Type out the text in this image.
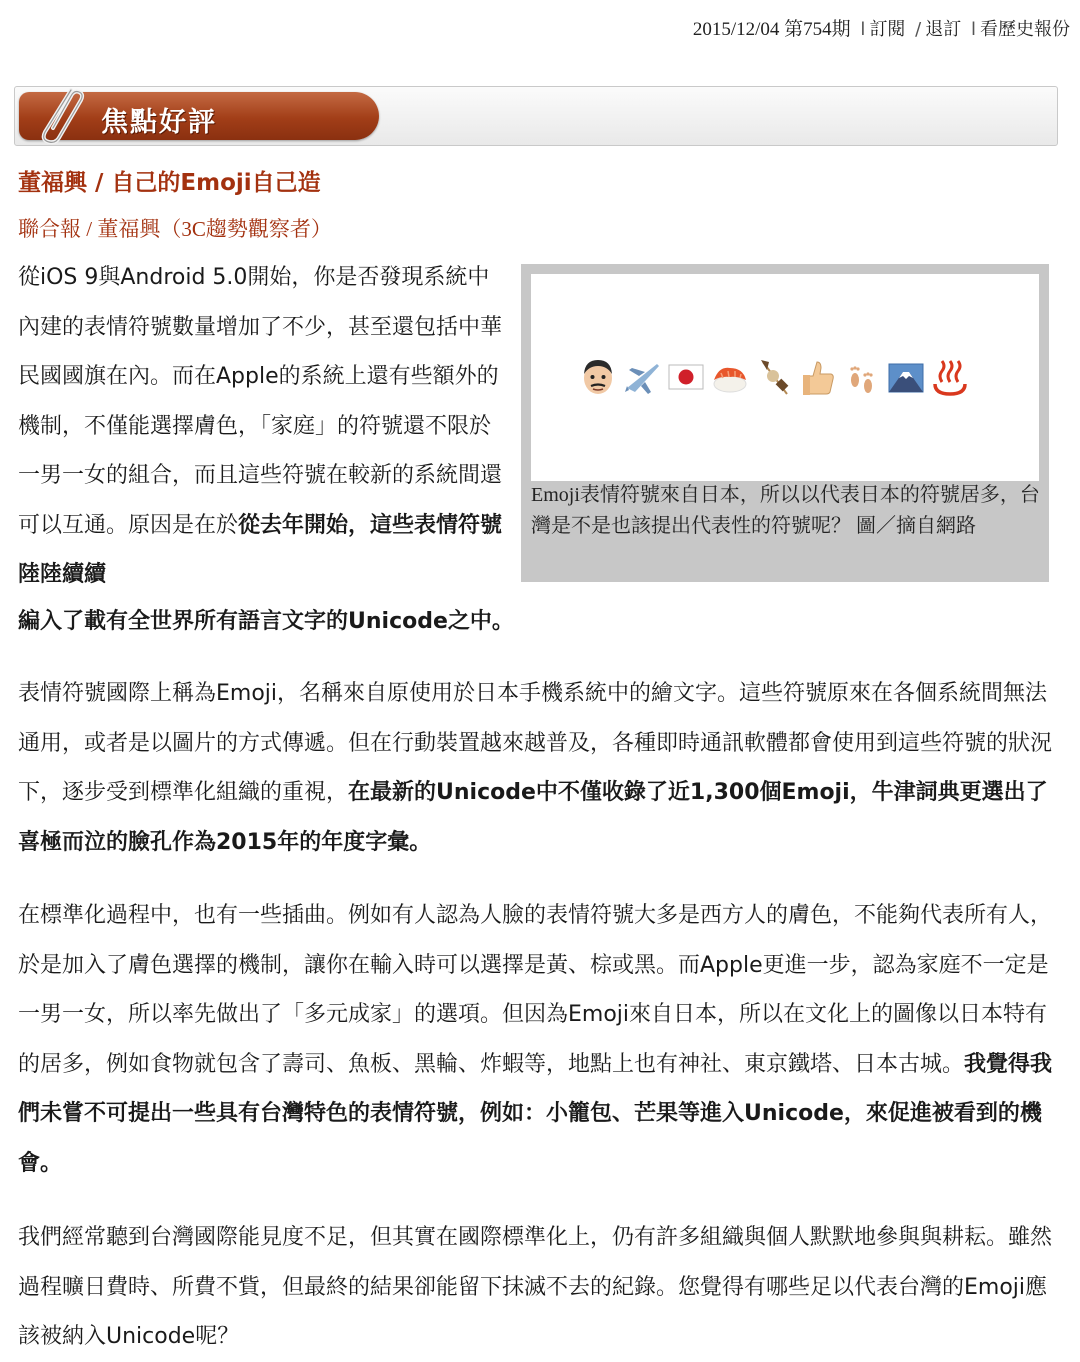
2015/12/04 第754期 l 訂閱 / 退訂 l 看歷史報份
焦點好評
董福興 / 自己的Emoji自己造
聯合報 / 董福興（3C趨勢觀察者）

從iOS 9與Android 5.0開始，你是否發現系統中內建的表情符號數量增加了不少，甚至還包括中華民國國旗在內。而在Apple的系統上還有些額外的機制，不僅能選擇膚色，「家庭」的符號還不限於一男一女的組合，而且這些符號在較新的系統間還可以互通。原因是在於從去年開始，這些表情符號陸陸續續

Emoji表情符號來自日本，所以以代表日本的符號居多，台灣是不是也該提出代表性的符號呢？ 圖／摘自網路

編入了載有全世界所有語言文字的Unicode之中。

表情符號國際上稱為Emoji，名稱來自原使用於日本手機系統中的繪文字。這些符號原來在各個系統間無法通用，或者是以圖片的方式傳遞。但在行動裝置越來越普及，各種即時通訊軟體都會使用到這些符號的狀況下，逐步受到標準化組織的重視，在最新的Unicode中不僅收錄了近1,300個Emoji，牛津詞典更選出了喜極而泣的臉孔作為2015年的年度字彙。

在標準化過程中，也有一些插曲。例如有人認為人臉的表情符號大多是西方人的膚色，不能夠代表所有人，於是加入了膚色選擇的機制，讓你在輸入時可以選擇是黃、棕或黑。而Apple更進一步，認為家庭不一定是一男一女，所以率先做出了「多元成家」的選項。但因為Emoji來自日本，所以在文化上的圖像以日本特有的居多，例如食物就包含了壽司、魚板、黑輪、炸蝦等，地點上也有神社、東京鐵塔、日本古城。我覺得我們未嘗不可提出一些具有台灣特色的表情符號，例如：小籠包、芒果等進入Unicode，來促進被看到的機會。

我們經常聽到台灣國際能見度不足，但其實在國際標準化上，仍有許多組織與個人默默地參與與耕耘。雖然過程曠日費時、所費不貲，但最終的結果卻能留下抹滅不去的紀錄。您覺得有哪些足以代表台灣的Emoji應該被納入Unicode呢？
